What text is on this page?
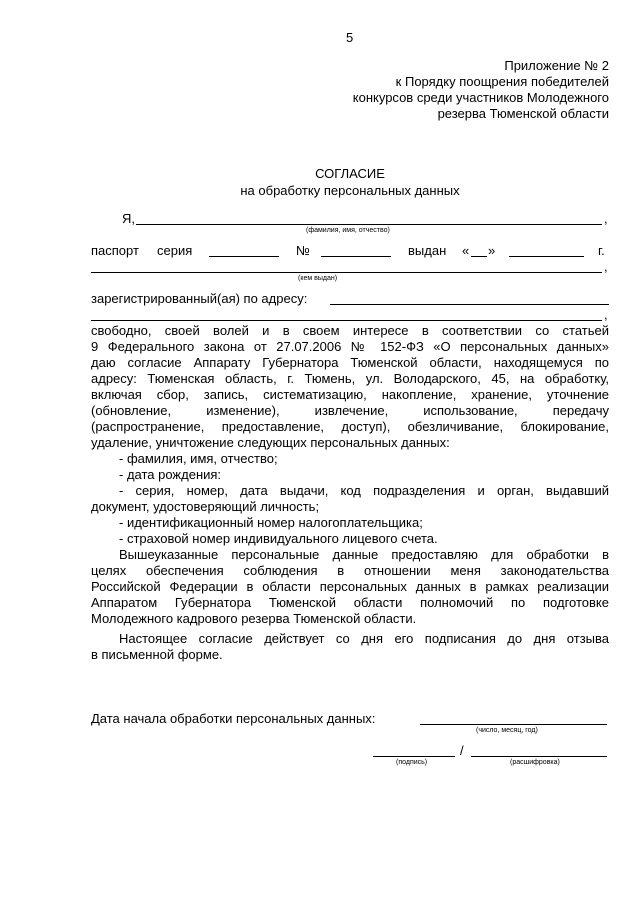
5
Приложение № 2
к Порядку поощрения победителей
конкурсов среди участников Молодежного
резерва Тюменской области
СОГЛАСИЕ
на обработку персональных данных
Я,	,
(фамилия, имя, отчество)
паспорт серия	№	выдан « »	г.
,
(кем выдан)
зарегистрированный(ая) по адресу:
,
свободно, своей волей и в своем интересе в соответствии со статьей
9 Федерального закона от 27.07.2006 № 152-ФЗ «О персональных данных»
даю согласие Аппарату Губернатора Тюменской области, находящемуся по
адресу: Тюменская область, г. Тюмень, ул. Володарского, 45, на обработку,
включая сбор, запись, систематизацию, накопление, хранение, уточнение
(обновление, изменение), извлечение, использование, передачу
(распространение, предоставление, доступ), обезличивание, блокирование,
удаление, уничтожение следующих персональных данных:
- фамилия, имя, отчество;
- дата рождения:
- серия, номер, дата выдачи, код подразделения и орган, выдавший
документ, удостоверяющий личность;
- идентификационный номер налогоплательщика;
- страховой номер индивидуального лицевого счета.
Вышеуказанные персональные данные предоставляю для обработки в
целях обеспечения соблюдения в отношении меня законодательства
Российской Федерации в области персональных данных в рамках реализации
Аппаратом Губернатора Тюменской области полномочий по подготовке
Молодежного кадрового резерва Тюменской области.
Настоящее согласие действует со дня его подписания до дня отзыва
в письменной форме.
Дата начала обработки персональных данных:
(число, месяц, год)
/
(подпись)	(расшифровка)
